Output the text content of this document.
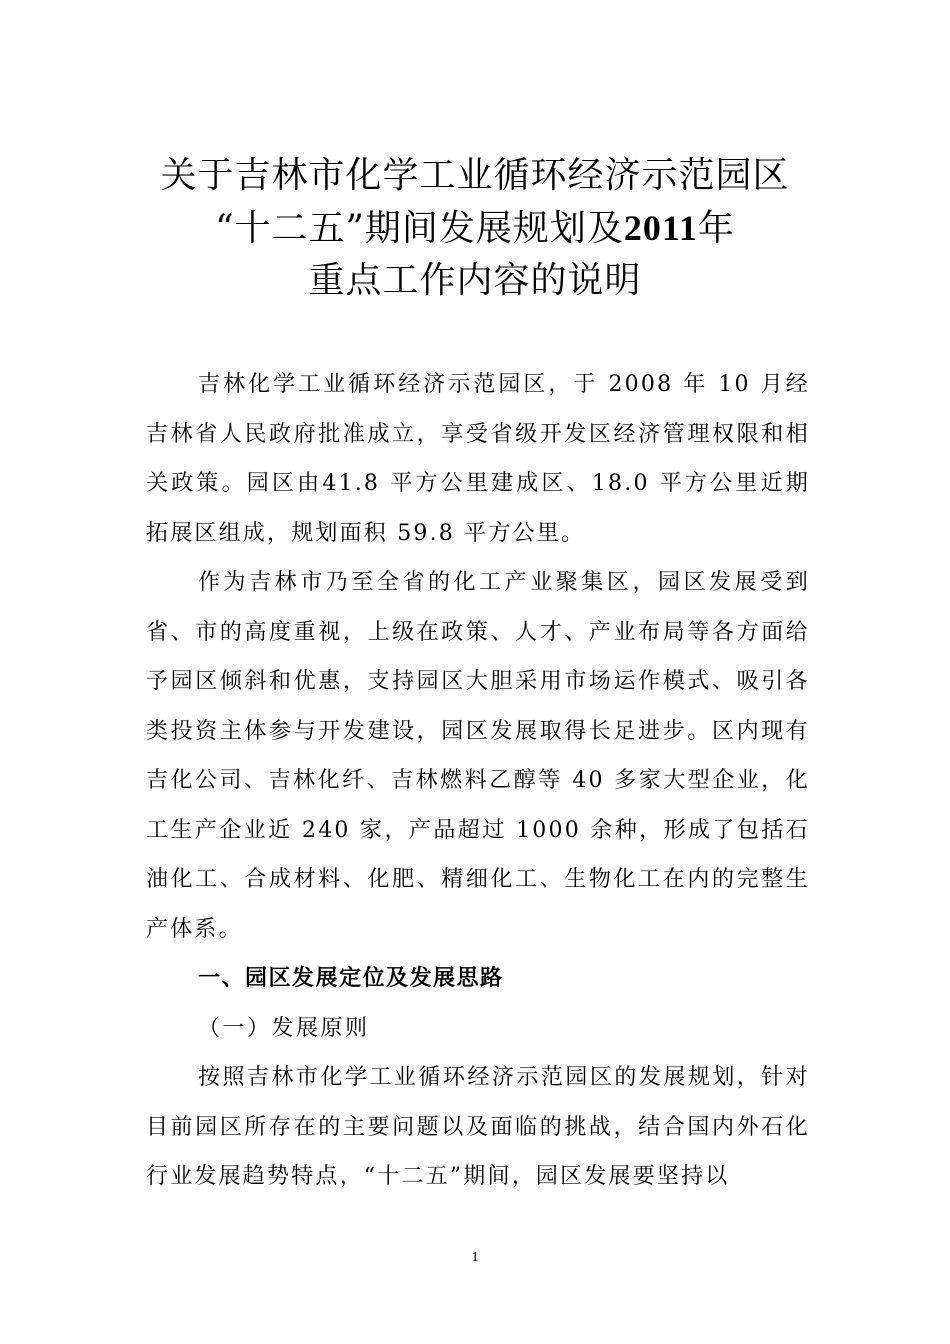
关于吉林市化学工业循环经济示范园区
“十二五”期间发展规划及2011年
重点工作内容的说明

吉林化学工业循环经济示范园区，于 2008 年 10 月经吉林省人民政府批准成立，享受省级开发区经济管理权限和相关政策。园区由41.8 平方公里建成区、18.0 平方公里近期拓展区组成，规划面积 59.8 平方公里。

作为吉林市乃至全省的化工产业聚集区，园区发展受到省、市的高度重视，上级在政策、人才、产业布局等各方面给予园区倾斜和优惠，支持园区大胆采用市场运作模式、吸引各类投资主体参与开发建设，园区发展取得长足进步。区内现有吉化公司、吉林化纤、吉林燃料乙醇等 40 多家大型企业，化工生产企业近 240 家，产品超过 1000 余种，形成了包括石油化工、合成材料、化肥、精细化工、生物化工在内的完整生产体系。

一、园区发展定位及发展思路

（一）发展原则

按照吉林市化学工业循环经济示范园区的发展规划，针对目前园区所存在的主要问题以及面临的挑战，结合国内外石化行业发展趋势特点，“十二五”期间，园区发展要坚持以

1
